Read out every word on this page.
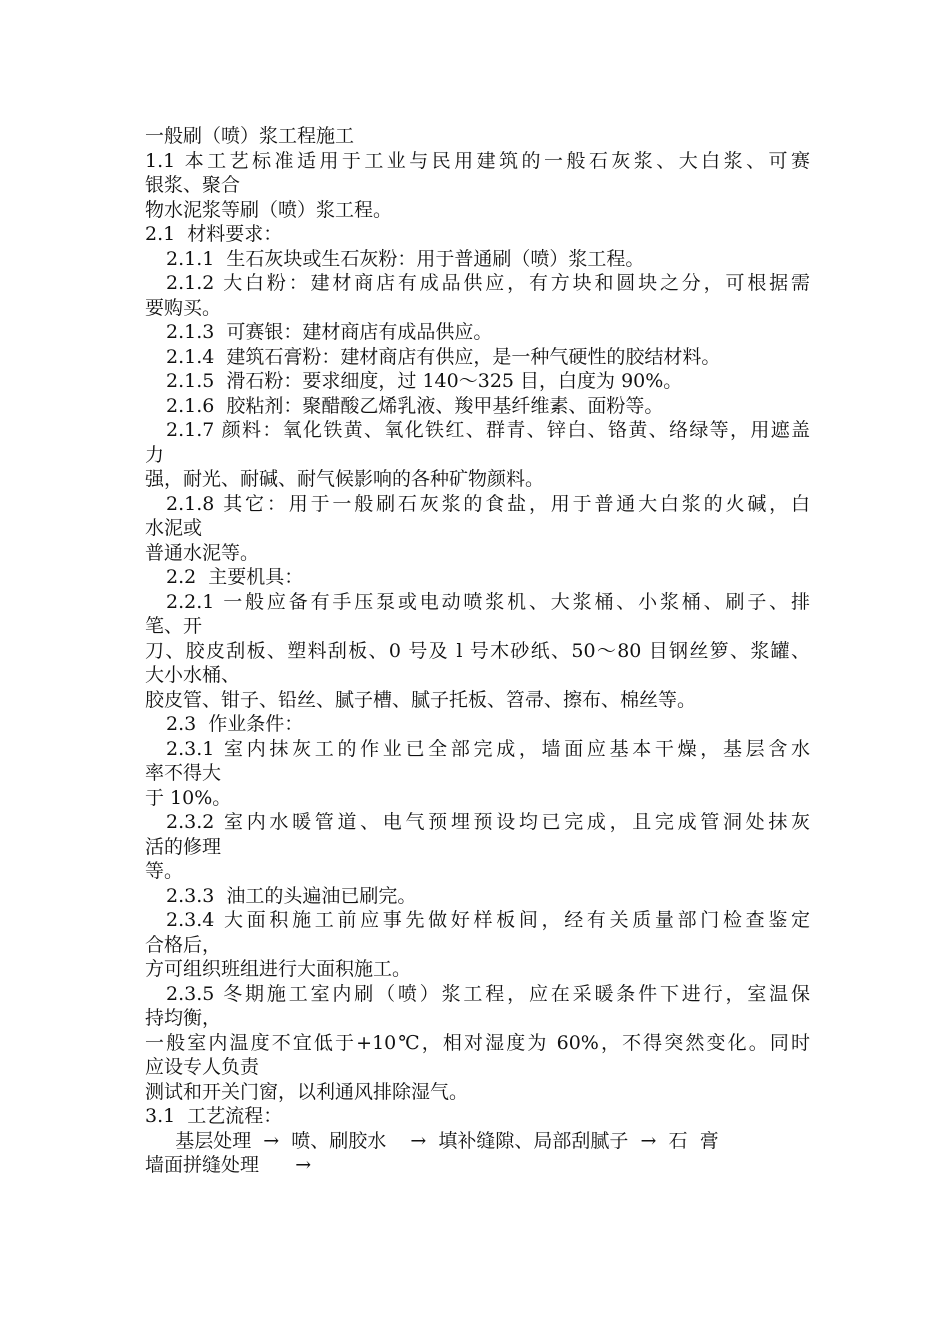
一般刷（喷）浆工程施工
1.1 本工艺标准适用于工业与民用建筑的一般石灰浆、大白浆、可赛
银浆、聚合
物水泥浆等刷（喷）浆工程。
2.1  材料要求：
2.1.1  生石灰块或生石灰粉：用于普通刷（喷）浆工程。
2.1.2 大白粉：建材商店有成品供应，有方块和圆块之分，可根据需
要购买。
2.1.3  可赛银：建材商店有成品供应。
2.1.4  建筑石膏粉：建材商店有供应，是一种气硬性的胶结材料。
2.1.5  滑石粉：要求细度，过 140～325 目，白度为 90%。
2.1.6  胶粘剂：聚醋酸乙烯乳液、羧甲基纤维素、面粉等。
2.1.7 颜料：氧化铁黄、氧化铁红、群青、锌白、铬黄、络绿等，用遮盖
力
强，耐光、耐碱、耐气候影响的各种矿物颜料。
2.1.8 其它：用于一般刷石灰浆的食盐，用于普通大白浆的火碱，白
水泥或
普通水泥等。
2.2  主要机具：
2.2.1 一般应备有手压泵或电动喷浆机、大浆桶、小浆桶、刷子、排
笔、开
刀、胶皮刮板、塑料刮板、0 号及 l 号木砂纸、50～80 目钢丝箩、浆罐、
大小水桶、
胶皮管、钳子、铅丝、腻子槽、腻子托板、笤帚、擦布、棉丝等。
2.3  作业条件：
2.3.1 室内抹灰工的作业已全部完成，墙面应基本干燥，基层含水
率不得大
于 10%。
2.3.2 室内水暖管道、电气预埋预设均已完成，且完成管洞处抹灰
活的修理
等。
2.3.3  油工的头遍油已刷完。
2.3.4 大面积施工前应事先做好样板间，经有关质量部门检查鉴定
合格后，
方可组织班组进行大面积施工。
2.3.5 冬期施工室内刷（喷）浆工程，应在采暖条件下进行，室温保
持均衡，
一般室内温度不宜低于+10℃，相对湿度为 60%，不得突然变化。同时
应设专人负责
测试和开关门窗，以利通风排除湿气。
3.1  工艺流程：
基层处理  →  喷、刷胶水    →  填补缝隙、局部刮腻子  →  石  膏
墙面拼缝处理      →
